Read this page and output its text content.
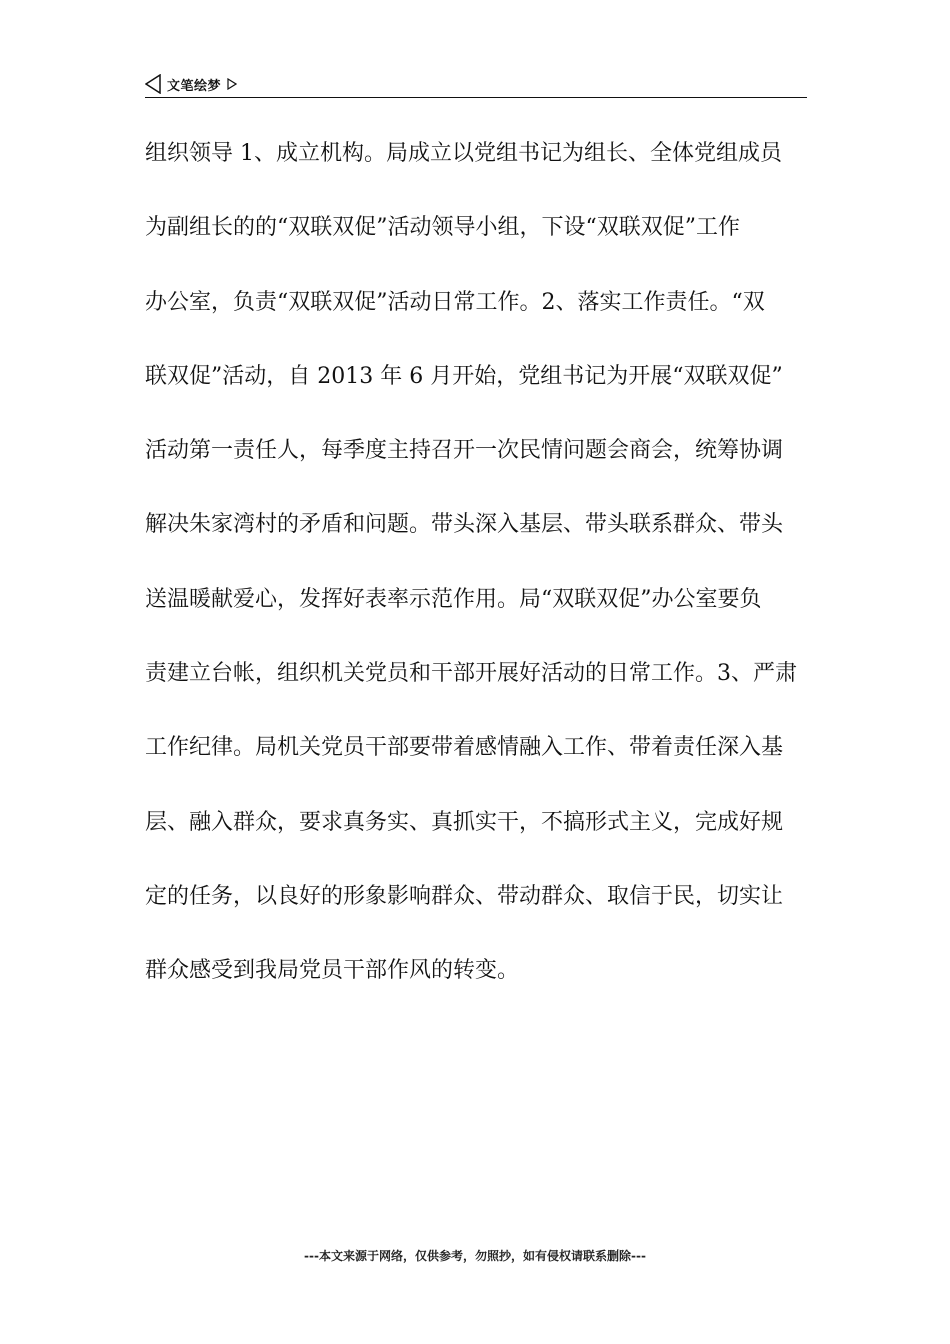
文笔绘梦
组织领导 1、成立机构。局成立以党组书记为组长、全体党组成员
为副组长的的“双联双促”活动领导小组，下设“双联双促”工作
办公室，负责“双联双促”活动日常工作。2、落实工作责任。“双
联双促”活动，自 2013 年 6 月开始，党组书记为开展“双联双促”
活动第一责任人，每季度主持召开一次民情问题会商会，统筹协调
解决朱家湾村的矛盾和问题。带头深入基层、带头联系群众、带头
送温暖献爱心，发挥好表率示范作用。局“双联双促”办公室要负
责建立台帐，组织机关党员和干部开展好活动的日常工作。3、严肃
工作纪律。局机关党员干部要带着感情融入工作、带着责任深入基
层、融入群众，要求真务实、真抓实干，不搞形式主义，完成好规
定的任务，以良好的形象影响群众、带动群众、取信于民，切实让
群众感受到我局党员干部作风的转变。
---本文来源于网络，仅供参考，勿照抄，如有侵权请联系删除---
